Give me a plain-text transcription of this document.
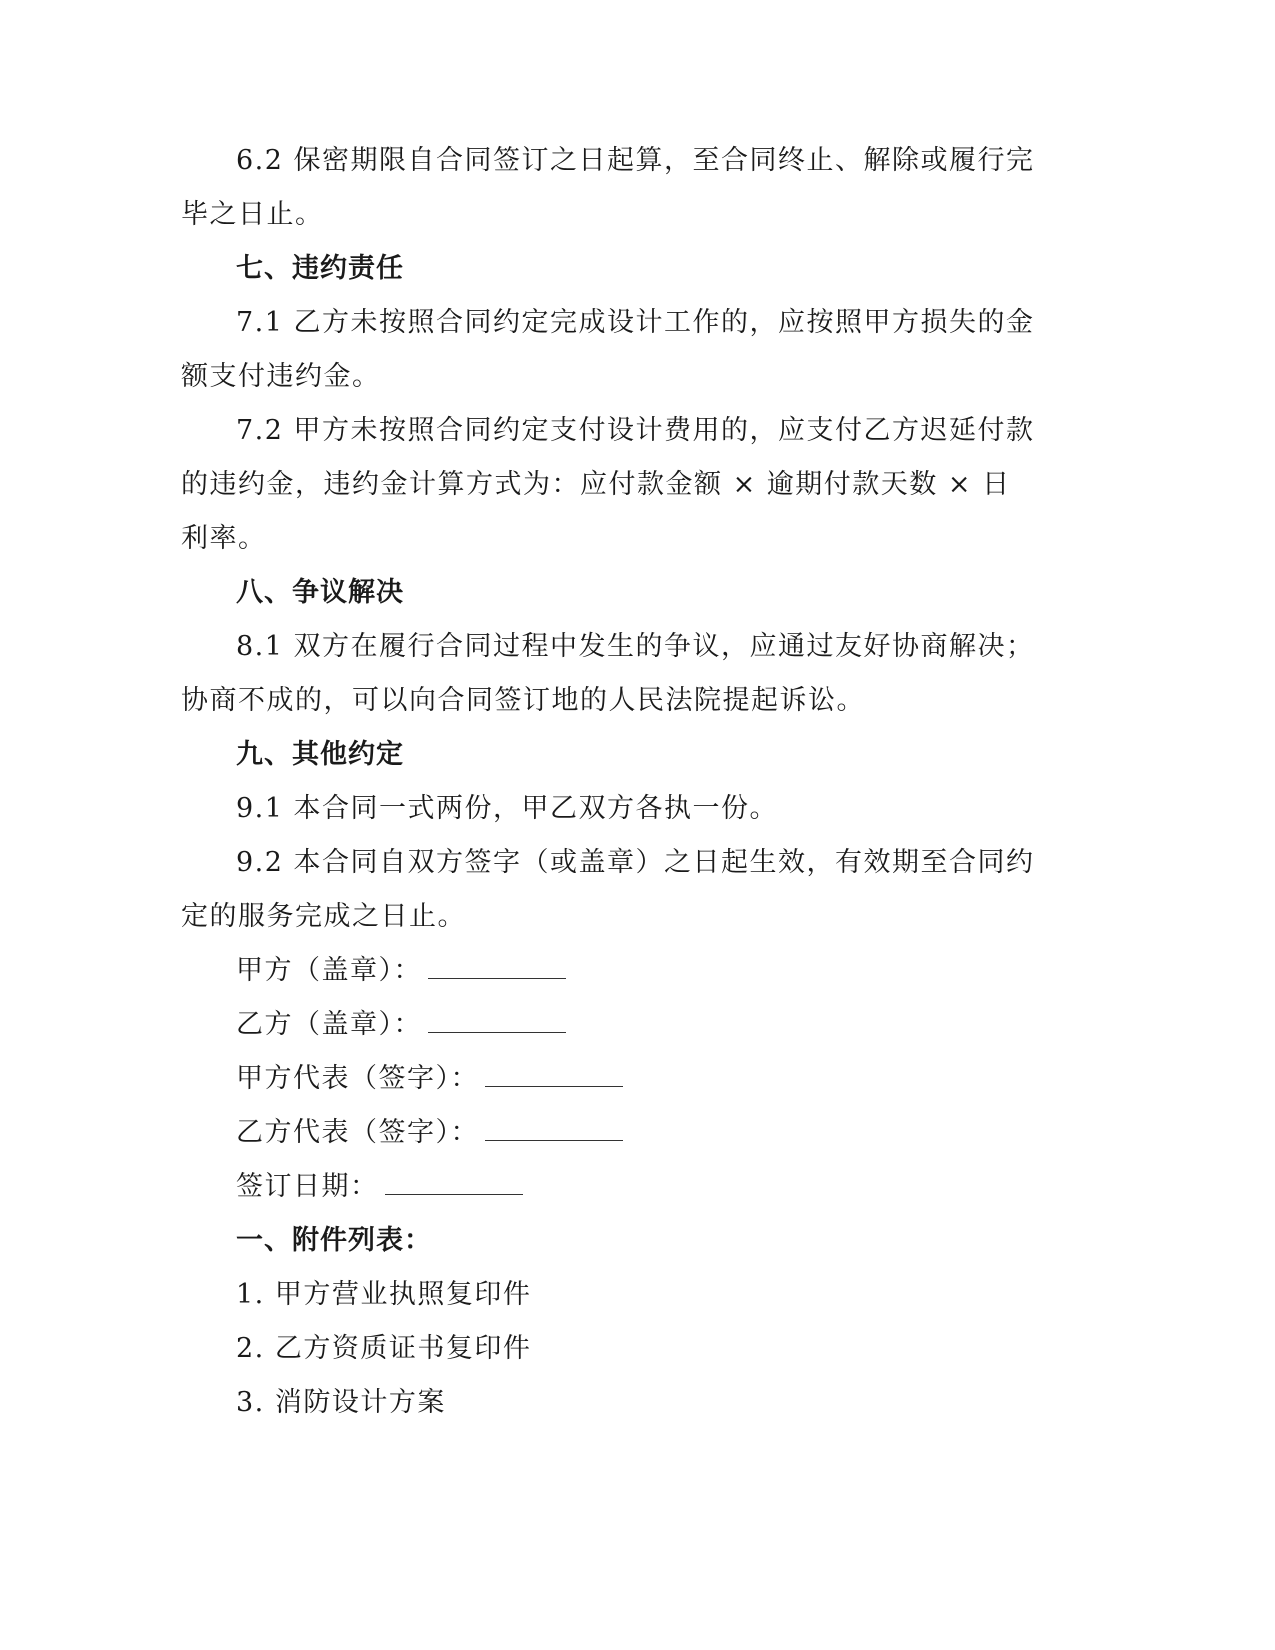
6.2 保密期限自合同签订之日起算，至合同终止、解除或履行完
毕之日止。
七、违约责任
7.1 乙方未按照合同约定完成设计工作的，应按照甲方损失的金
额支付违约金。
7.2 甲方未按照合同约定支付设计费用的，应支付乙方迟延付款
的违约金，违约金计算方式为：应付款金额 × 逾期付款天数 × 日
利率。
八、争议解决
8.1 双方在履行合同过程中发生的争议，应通过友好协商解决；
协商不成的，可以向合同签订地的人民法院提起诉讼。
九、其他约定
9.1 本合同一式两份，甲乙双方各执一份。
9.2 本合同自双方签字（或盖章）之日起生效，有效期至合同约
定的服务完成之日止。
甲方（盖章）：
乙方（盖章）：
甲方代表（签字）：
乙方代表（签字）：
签订日期：
一、附件列表：
1. 甲方营业执照复印件
2. 乙方资质证书复印件
3. 消防设计方案
